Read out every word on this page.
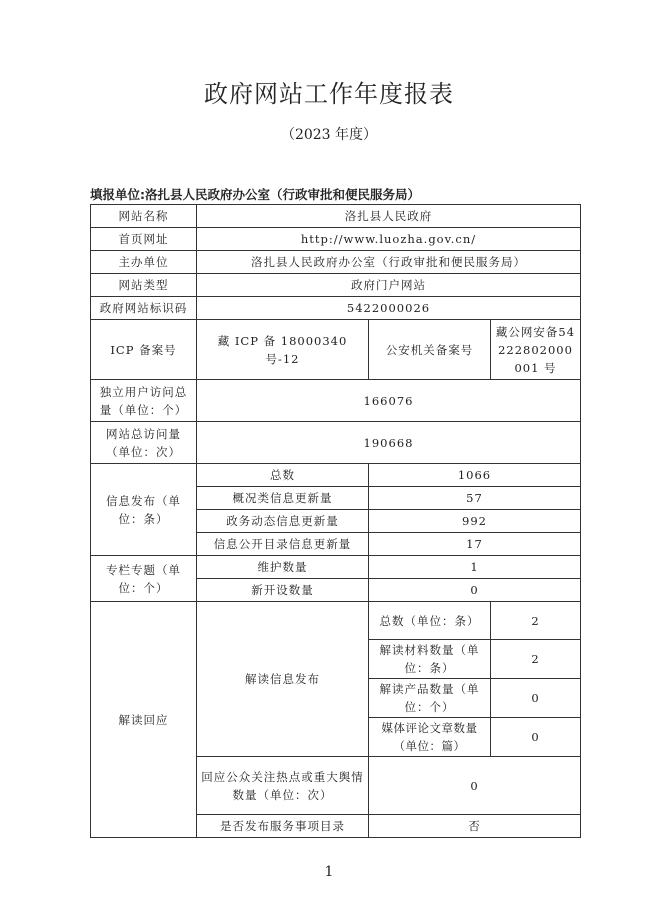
政府网站工作年度报表
（2023 年度）
填报单位:洛扎县人民政府办公室（行政审批和便民服务局）
网站名称	洛扎县人民政府		
首页网址	http://www.luozha.gov.cn/		
主办单位	洛扎县人民政府办公室（行政审批和便民服务局）		
网站类型	政府门户网站		
政府网站标识码	5422000026		
ICP 备案号	藏 ICP 备 18000340 号-12	公安机关备案号	藏公网安备54222802000001 号
独立用户访问总量（单位：个）	166076		
网站总访问量（单位：次）	190668		
信息发布（单位：条）	总数	1066	
	概况类信息更新量	57	
	政务动态信息更新量	992	
	信息公开目录信息更新量	17	
专栏专题（单位：个）	维护数量	1	
	新开设数量	0	
解读回应	解读信息发布	总数（单位：条）	2
		解读材料数量（单位：条）	2
		解读产品数量（单位：个）	0
		媒体评论文章数量（单位：篇）	0
	回应公众关注热点或重大舆情数量（单位：次）	0	
	是否发布服务事项目录	否	
1
